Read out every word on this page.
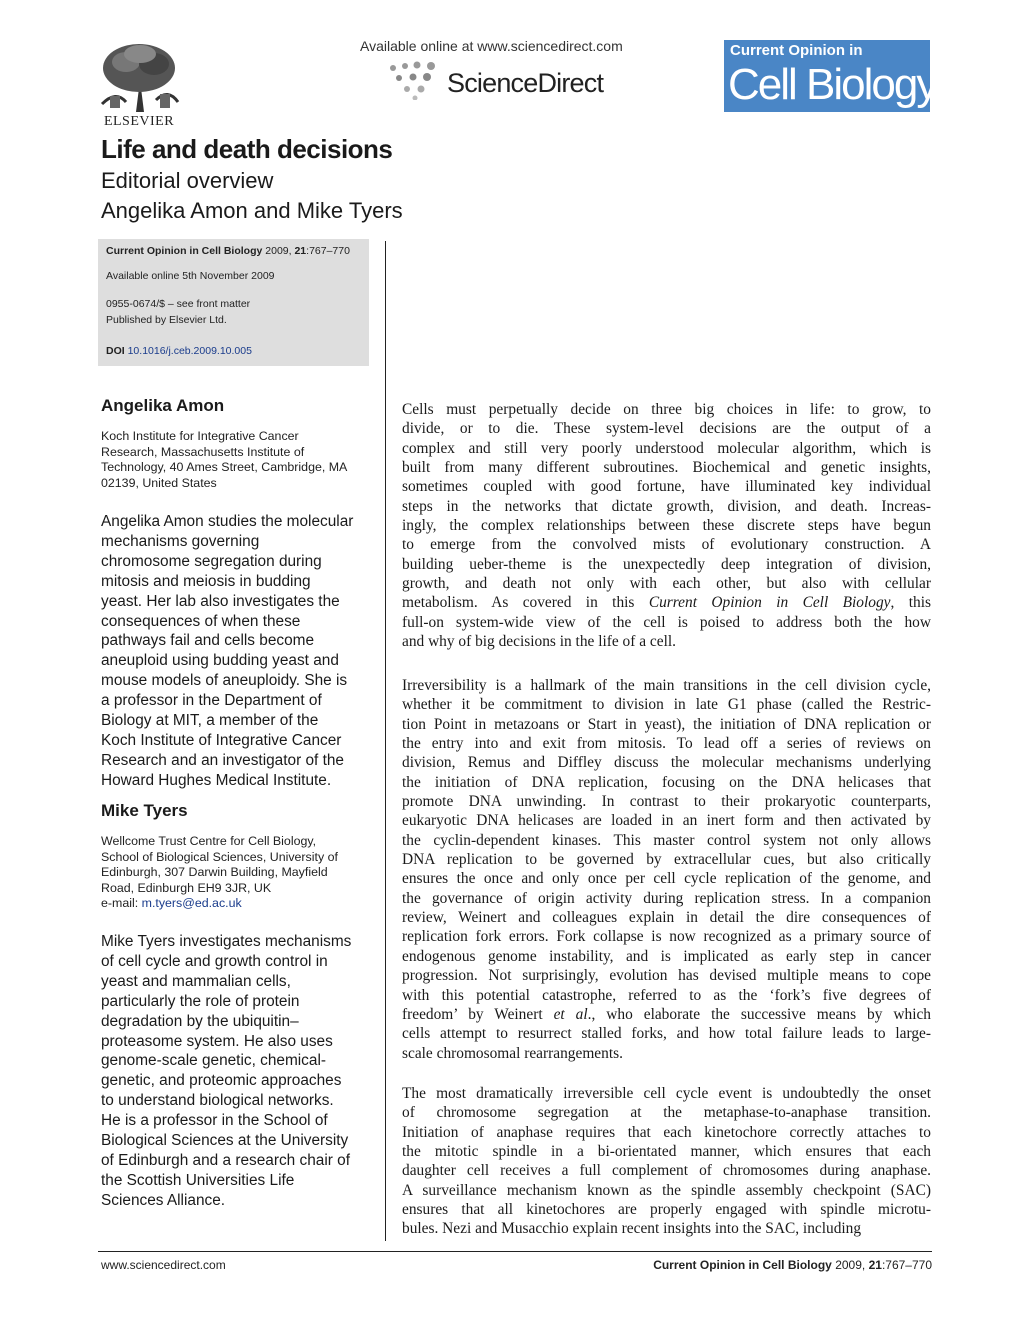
ELSEVIER
Available online at www.sciencedirect.com
ScienceDirect
Current Opinion in
Cell Biology
Life and death decisions
Editorial overview
Angelika Amon and Mike Tyers
Current Opinion in Cell Biology 2009, 21:767–770
Available online 5th November 2009
0955-0674/$ – see front matter
Published by Elsevier Ltd.
DOI 10.1016/j.ceb.2009.10.005
Angelika Amon
Koch Institute for Integrative Cancer
Research, Massachusetts Institute of
Technology, 40 Ames Street, Cambridge, MA
02139, United States
Angelika Amon studies the molecular
mechanisms governing
chromosome segregation during
mitosis and meiosis in budding
yeast. Her lab also investigates the
consequences of when these
pathways fail and cells become
aneuploid using budding yeast and
mouse models of aneuploidy. She is
a professor in the Department of
Biology at MIT, a member of the
Koch Institute of Integrative Cancer
Research and an investigator of the
Howard Hughes Medical Institute.
Mike Tyers
Wellcome Trust Centre for Cell Biology,
School of Biological Sciences, University of
Edinburgh, 307 Darwin Building, Mayfield
Road, Edinburgh EH9 3JR, UK
e-mail: m.tyers@ed.ac.uk
Mike Tyers investigates mechanisms
of cell cycle and growth control in
yeast and mammalian cells,
particularly the role of protein
degradation by the ubiquitin–
proteasome system. He also uses
genome-scale genetic, chemical-
genetic, and proteomic approaches
to understand biological networks.
He is a professor in the School of
Biological Sciences at the University
of Edinburgh and a research chair of
the Scottish Universities Life
Sciences Alliance.
Cells must perpetually decide on three big choices in life: to grow, to
divide, or to die. These system-level decisions are the output of a
complex and still very poorly understood molecular algorithm, which is
built from many different subroutines. Biochemical and genetic insights,
sometimes coupled with good fortune, have illuminated key individual
steps in the networks that dictate growth, division, and death. Increas-
ingly, the complex relationships between these discrete steps have begun
to emerge from the convolved mists of evolutionary construction. A
building ueber-theme is the unexpectedly deep integration of division,
growth, and death not only with each other, but also with cellular
metabolism. As covered in this Current Opinion in Cell Biology, this
full-on system-wide view of the cell is poised to address both the how
and why of big decisions in the life of a cell.
Irreversibility is a hallmark of the main transitions in the cell division cycle,
whether it be commitment to division in late G1 phase (called the Restric-
tion Point in metazoans or Start in yeast), the initiation of DNA replication or
the entry into and exit from mitosis. To lead off a series of reviews on
division, Remus and Diffley discuss the molecular mechanisms underlying
the initiation of DNA replication, focusing on the DNA helicases that
promote DNA unwinding. In contrast to their prokaryotic counterparts,
eukaryotic DNA helicases are loaded in an inert form and then activated by
the cyclin-dependent kinases. This master control system not only allows
DNA replication to be governed by extracellular cues, but also critically
ensures the once and only once per cell cycle replication of the genome, and
the governance of origin activity during replication stress. In a companion
review, Weinert and colleagues explain in detail the dire consequences of
replication fork errors. Fork collapse is now recognized as a primary source of
endogenous genome instability, and is implicated as early step in cancer
progression. Not surprisingly, evolution has devised multiple means to cope
with this potential catastrophe, referred to as the ‘fork’s five degrees of
freedom’ by Weinert et al., who elaborate the successive means by which
cells attempt to resurrect stalled forks, and how total failure leads to large-
scale chromosomal rearrangements.
The most dramatically irreversible cell cycle event is undoubtedly the onset
of chromosome segregation at the metaphase-to-anaphase transition.
Initiation of anaphase requires that each kinetochore correctly attaches to
the mitotic spindle in a bi-orientated manner, which ensures that each
daughter cell receives a full complement of chromosomes during anaphase.
A surveillance mechanism known as the spindle assembly checkpoint (SAC)
ensures that all kinetochores are properly engaged with spindle microtu-
bules. Nezi and Musacchio explain recent insights into the SAC, including
www.sciencedirect.com	Current Opinion in Cell Biology 2009, 21:767–770
